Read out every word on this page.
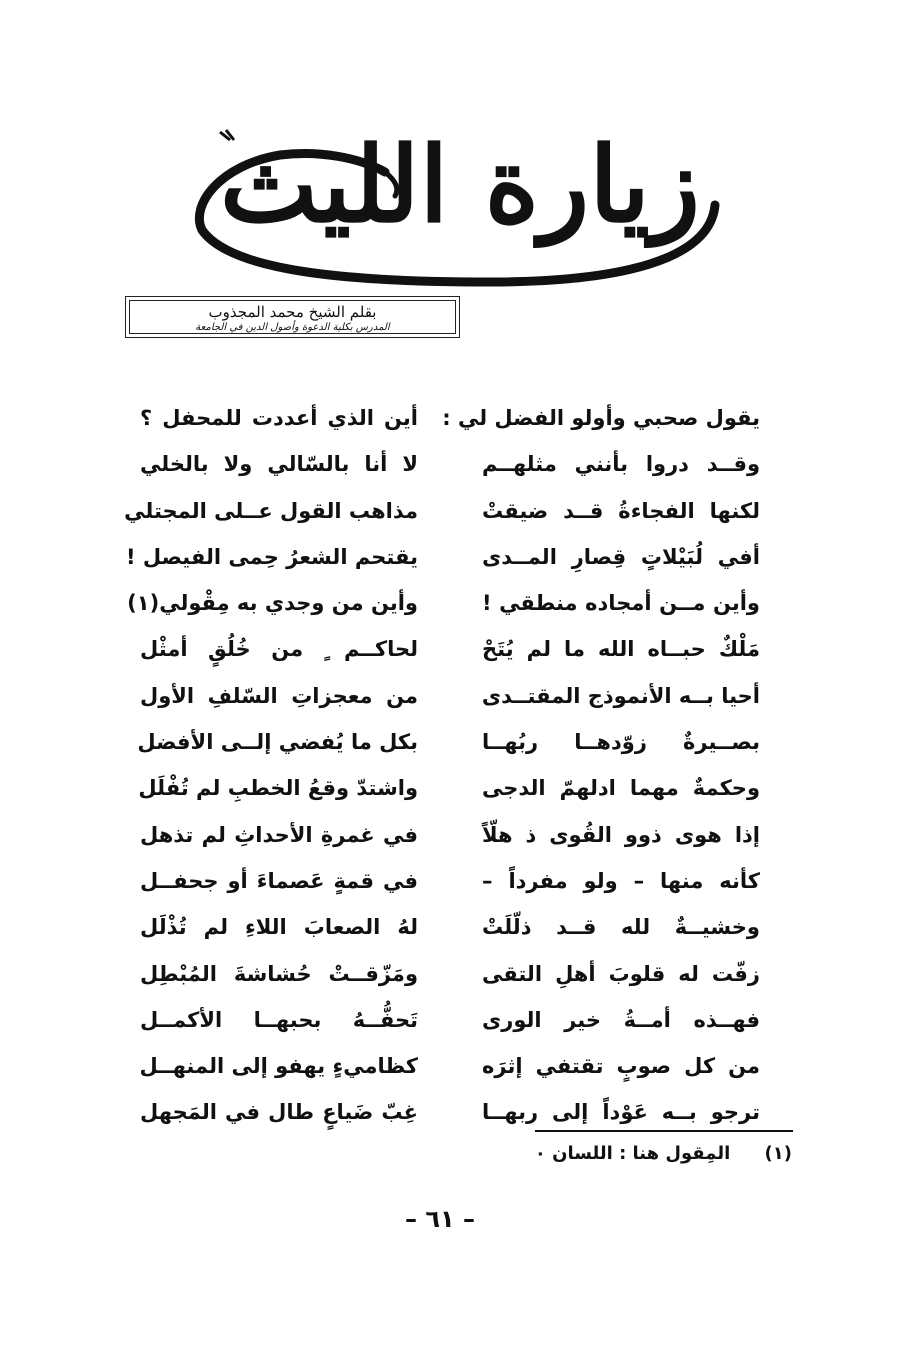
زيارة الليث
بقلم الشيخ محمد المجذوب
المدرس بكلية الدعوة وأصول الدين في الجامعة
يقول صحبي وأولو الفضل لي :
وقــد دروا بأنني مثلهــم
لكنها الفجاءةُ قــد ضيقتْ
أفي لُبَيْلاتٍ قِصارِ المــدى
وأين مــن أمجاده منطقي !
مَلْكٌ حبــاه الله ما لم يُتَحْ
أحيا بــه الأنموذج المقتــدى
بصــيرةٌ زوّدهــا ربُهــا
وحكمةٌ مهما ادلهمّ الدجى
إذا هوى ذوو القُوى ذ هلّاً
كأنه منها – ولو مفرداً –
وخشيــةٌ لله قــد ذلّلَتْ
زفّت له قلوبَ أهلِ التقى
فهــذه أمــةُ خير الورى
من كل صوبٍ تقتفي إثرَه
ترجو بــه عَوْداً إلى ربهــا
أين الذي أعددت للمحفل ؟
لا أنا بالسّالي ولا بالخلي
مذاهب القول عــلى المجتلي
يقتحم الشعرُ حِمى الفيصل !
وأين من وجدي به مِقْولي(١)
لحاكــم ٍ من خُلُقٍ أمثْل
من معجزاتِ السّلفِ الأول
بكل ما يُفضي إلــى الأفضل
واشتدّ وقعُ الخطبِ لم تُفْلَل
في غمرةِ الأحداثِ لم تذهل
في قمةٍ عَصماءَ أو جحفــل
لهُ الصعابَ اللاءِ لم تُذْلَل
ومَزّقــتْ حُشاشةَ المُبْطِل
تَحفُّــهُ بحبهــا الأكمــل
كظاميءٍ يهفو إلى المنهــل
غِبّ ضَياعٍ طال في المَجهل
(١) المِقول هنا : اللسان ٠
– ٦١ –
